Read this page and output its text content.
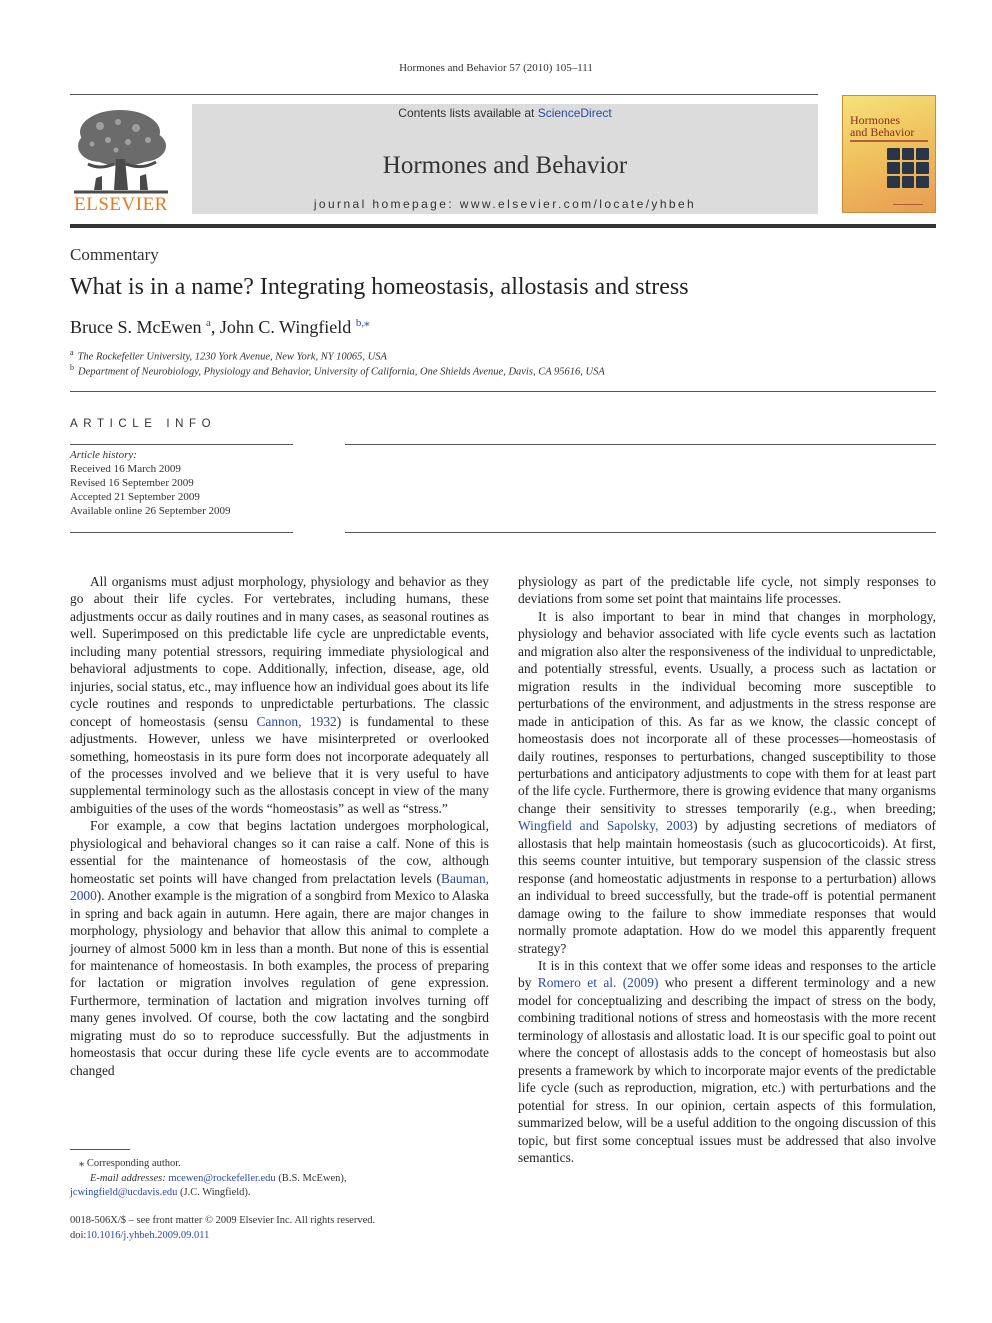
Hormones and Behavior 57 (2010) 105–111
ELSEVIER
Contents lists available at ScienceDirect
Hormones and Behavior
journal homepage: www.elsevier.com/locate/yhbeh
Hormones
and Behavior
Commentary
What is in a name? Integrating homeostasis, allostasis and stress
Bruce S. McEwen $^a$, John C. Wingfield $^{b,⁎}$
$^a$ The Rockefeller University, 1230 York Avenue, New York, NY 10065, USA
$^b$ Department of Neurobiology, Physiology and Behavior, University of California, One Shields Avenue, Davis, CA 95616, USA
ARTICLE INFO
Article history:
Received 16 March 2009
Revised 16 September 2009
Accepted 21 September 2009
Available online 26 September 2009

All organisms must adjust morphology, physiology and behavior as they go about their life cycles. For vertebrates, including humans, these adjustments occur as daily routines and in many cases, as seasonal routines as well. Superimposed on this predictable life cycle are unpredictable events, including many potential stressors, requiring immediate physiological and behavioral adjustments to cope. Additionally, infection, disease, age, old injuries, social status, etc., may influence how an individual goes about its life cycle routines and responds to unpredictable perturbations. The classic concept of homeostasis (sensu Cannon, 1932) is fundamental to these adjustments. However, unless we have misinterpreted or overlooked something, homeostasis in its pure form does not incorporate adequately all of the processes involved and we believe that it is very useful to have supplemental terminology such as the allostasis concept in view of the many ambiguities of the uses of the words “homeostasis” as well as “stress.”

For example, a cow that begins lactation undergoes morphological, physiological and behavioral changes so it can raise a calf. None of this is essential for the maintenance of homeostasis of the cow, although homeostatic set points will have changed from prelactation levels (Bauman, 2000). Another example is the migration of a songbird from Mexico to Alaska in spring and back again in autumn. Here again, there are major changes in morphology, physiology and behavior that allow this animal to complete a journey of almost 5000 km in less than a month. But none of this is essential for maintenance of homeostasis. In both examples, the process of preparing for lactation or migration involves regulation of gene expression. Furthermore, termination of lactation and migration involves turning off many genes involved. Of course, both the cow lactating and the songbird migrating must do so to reproduce successfully. But the adjustments in homeostasis that occur during these life cycle events are to accommodate changed

physiology as part of the predictable life cycle, not simply responses to deviations from some set point that maintains life processes.

It is also important to bear in mind that changes in morphology, physiology and behavior associated with life cycle events such as lactation and migration also alter the responsiveness of the individual to unpredictable, and potentially stressful, events. Usually, a process such as lactation or migration results in the individual becoming more susceptible to perturbations of the environment, and adjustments in the stress response are made in anticipation of this. As far as we know, the classic concept of homeostasis does not incorporate all of these processes—homeostasis of daily routines, responses to perturbations, changed susceptibility to those perturbations and anticipatory adjustments to cope with them for at least part of the life cycle. Furthermore, there is growing evidence that many organisms change their sensitivity to stresses temporarily (e.g., when breeding; Wingfield and Sapolsky, 2003) by adjusting secretions of mediators of allostasis that help maintain homeostasis (such as glucocorticoids). At first, this seems counter intuitive, but temporary suspension of the classic stress response (and homeostatic adjustments in response to a perturbation) allows an individual to breed successfully, but the trade-off is potential permanent damage owing to the failure to show immediate responses that would normally promote adaptation. How do we model this apparently frequent strategy?

It is in this context that we offer some ideas and responses to the article by Romero et al. (2009) who present a different terminology and a new model for conceptualizing and describing the impact of stress on the body, combining traditional notions of stress and homeostasis with the more recent terminology of allostasis and allostatic load. It is our specific goal to point out where the concept of allostasis adds to the concept of homeostasis but also presents a framework by which to incorporate major events of the predictable life cycle (such as reproduction, migration, etc.) with perturbations and the potential for stress. In our opinion, certain aspects of this formulation, summarized below, will be a useful addition to the ongoing discussion of this topic, but first some conceptual issues must be addressed that also involve semantics.

⁎ Corresponding author.
E-mail addresses: mcewen@rockefeller.edu (B.S. McEwen),
jcwingfield@ucdavis.edu (J.C. Wingfield).
0018-506X/$ – see front matter © 2009 Elsevier Inc. All rights reserved.
doi:10.1016/j.yhbeh.2009.09.011
